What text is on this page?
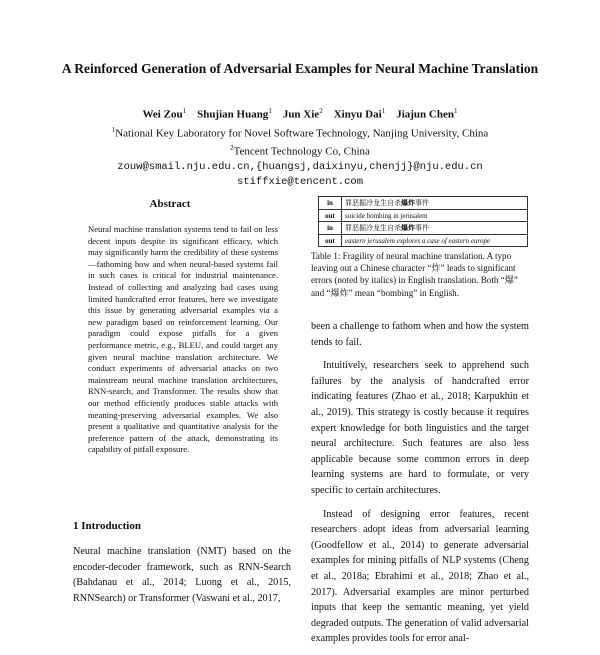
A Reinforced Generation of Adversarial Examples for Neural Machine Translation
Wei Zou$^1$ Shujian Huang$^1$ Jun Xie$^2$ Xinyu Dai$^1$ Jiajun Chen$^1$
$^1$National Key Laboratory for Novel Software Technology, Nanjing University, China
$^2$Tencent Technology Co, China
zouw@smail.nju.edu.cn,{huangsj,daixinyu,chenjj}@nju.edu.cn
stiffxie@tencent.com
Abstract

Neural machine translation systems tend to fail on less decent inputs despite its significant efficacy, which may significantly harm the credibility of these systems—fathoming how and when neural-based systems fail in such cases is critical for industrial maintenance. Instead of collecting and analyzing bad cases using limited handcrafted error features, here we investigate this issue by generating adversarial examples via a new paradigm based on reinforcement learning. Our paradigm could expose pitfalls for a given performance metric, e.g., BLEU, and could target any given neural machine translation architecture. We conduct experiments of adversarial attacks on two mainstream neural machine translation architectures, RNN-search, and Transformer. The results show that our method efficiently produces stable attacks with meaning-preserving adversarial examples. We also present a qualitative and quantitative analysis for the preference pattern of the attack, demonstrating its capability of pitfall exposure.

1 Introduction

Neural machine translation (NMT) based on the encoder-decoder framework, such as RNN-Search (Bahdanau et al., 2014; Luong et al., 2015, RNNSearch) or Transformer (Vaswani et al., 2017,

in	罪恶掘冷龙生自杀爆炸事件
out	suicide bombing in jerusalem
in	罪恶掘冷龙生自杀爆炸事件
out	eastern jerusalem explores a case of eastern europe

Table 1: Fragility of neural machine translation. A typo leaving out a Chinese character “炸” leads to significant errors (noted by italics) in English translation. Both “爆” and “爆炸” mean “bombing” in English.

been a challenge to fathom when and how the system tends to fail.

Intuitively, researchers seek to apprehend such failures by the analysis of handcrafted error indicating features (Zhao et al., 2018; Karpukhin et al., 2019). This strategy is costly because it requires expert knowledge for both linguistics and the target neural architecture. Such features are also less applicable because some common errors in deep learning systems are hard to formulate, or very specific to certain architectures.

Instead of designing error features, recent researchers adopt ideas from adversarial learning (Goodfellow et al., 2014) to generate adversarial examples for mining pitfalls of NLP systems (Cheng et al., 2018a; Ebrahimi et al., 2018; Zhao et al., 2017). Adversarial examples are minor perturbed inputs that keep the semantic meaning, yet yield degraded outputs. The generation of valid adversarial examples provides tools for error anal-
